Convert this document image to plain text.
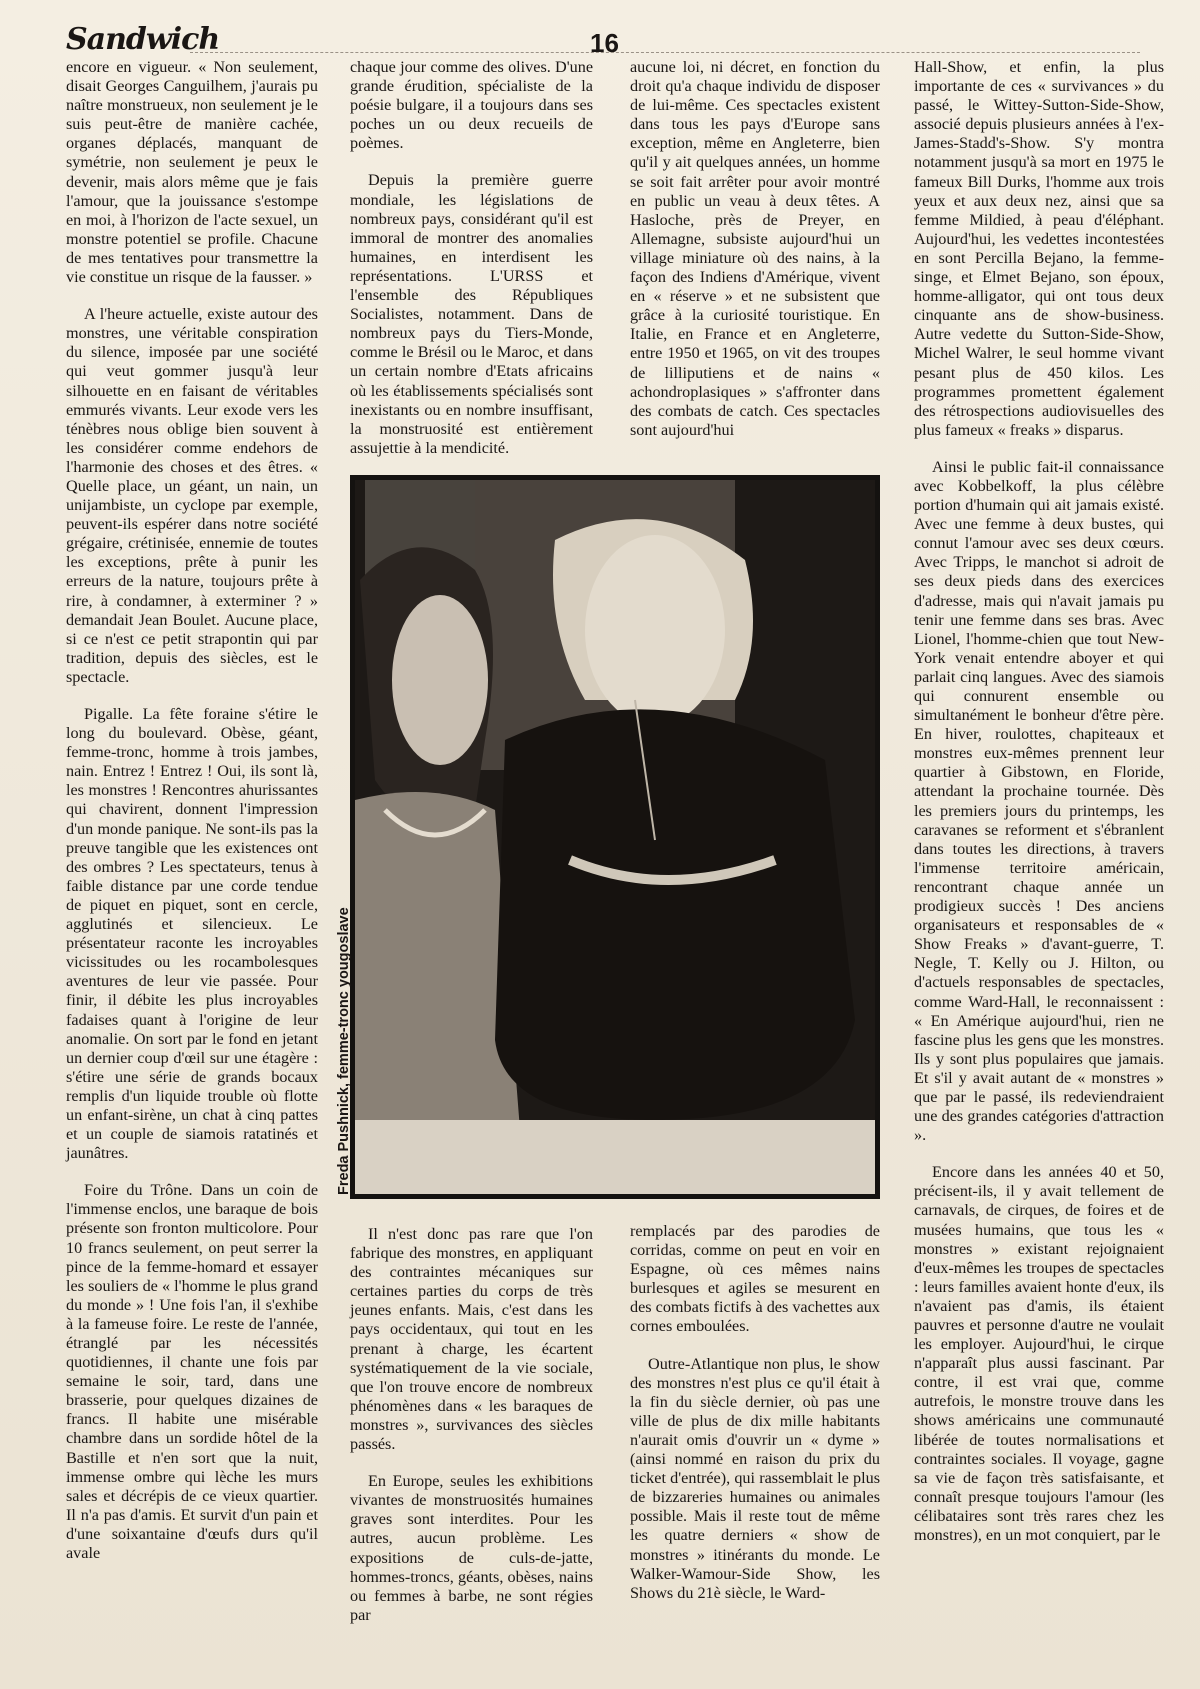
Sandwich	16

encore en vigueur. « Non seulement, disait Georges Canguilhem, j'aurais pu naître monstrueux, non seulement je le suis peut-être de manière cachée, organes déplacés, manquant de symétrie, non seulement je peux le devenir, mais alors même que je fais l'amour, que la jouissance s'estompe en moi, à l'horizon de l'acte sexuel, un monstre potentiel se profile. Chacune de mes tentatives pour transmettre la vie constitue un risque de la fausser. »

A l'heure actuelle, existe autour des monstres, une véritable conspiration du silence, imposée par une société qui veut gommer jusqu'à leur silhouette en en faisant de véritables emmurés vivants. Leur exode vers les ténèbres nous oblige bien souvent à les considérer comme endehors de l'harmonie des choses et des êtres. « Quelle place, un géant, un nain, un unijambiste, un cyclope par exemple, peuvent-ils espérer dans notre société grégaire, crétinisée, ennemie de toutes les exceptions, prête à punir les erreurs de la nature, toujours prête à rire, à condamner, à exterminer ? » demandait Jean Boulet. Aucune place, si ce n'est ce petit strapontin qui par tradition, depuis des siècles, est le spectacle.

Pigalle. La fête foraine s'étire le long du boulevard. Obèse, géant, femme-tronc, homme à trois jambes, nain. Entrez ! Entrez ! Oui, ils sont là, les monstres ! Rencontres ahurissantes qui chavirent, donnent l'impression d'un monde panique. Ne sont-ils pas la preuve tangible que les existences ont des ombres ? Les spectateurs, tenus à faible distance par une corde tendue de piquet en piquet, sont en cercle, agglutinés et silencieux. Le présentateur raconte les incroyables vicissitudes ou les rocambolesques aventures de leur vie passée. Pour finir, il débite les plus incroyables fadaises quant à l'origine de leur anomalie. On sort par le fond en jetant un dernier coup d'œil sur une étagère : s'étire une série de grands bocaux remplis d'un liquide trouble où flotte un enfant-sirène, un chat à cinq pattes et un couple de siamois ratatinés et jaunâtres.

Foire du Trône. Dans un coin de l'immense enclos, une baraque de bois présente son fronton multicolore. Pour 10 francs seulement, on peut serrer la pince de la femme-homard et essayer les souliers de « l'homme le plus grand du monde » ! Une fois l'an, il s'exhibe à la fameuse foire. Le reste de l'année, étranglé par les nécessités quotidiennes, il chante une fois par semaine le soir, tard, dans une brasserie, pour quelques dizaines de francs. Il habite une misérable chambre dans un sordide hôtel de la Bastille et n'en sort que la nuit, immense ombre qui lèche les murs sales et décrépis de ce vieux quartier. Il n'a pas d'amis. Et survit d'un pain et d'une soixantaine d'œufs durs qu'il avale

chaque jour comme des olives. D'une grande érudition, spécialiste de la poésie bulgare, il a toujours dans ses poches un ou deux recueils de poèmes.

Depuis la première guerre mondiale, les législations de nombreux pays, considérant qu'il est immoral de montrer des anomalies humaines, en interdisent les représentations. L'URSS et l'ensemble des Républiques Socialistes, notamment. Dans de nombreux pays du Tiers-Monde, comme le Brésil ou le Maroc, et dans un certain nombre d'Etats africains où les établissements spécialisés sont inexistants ou en nombre insuffisant, la monstruosité est entièrement assujettie à la mendicité.

aucune loi, ni décret, en fonction du droit qu'a chaque individu de disposer de lui-même. Ces spectacles existent dans tous les pays d'Europe sans exception, même en Angleterre, bien qu'il y ait quelques années, un homme se soit fait arrêter pour avoir montré en public un veau à deux têtes. A Hasloche, près de Preyer, en Allemagne, subsiste aujourd'hui un village miniature où des nains, à la façon des Indiens d'Amérique, vivent en « réserve » et ne subsistent que grâce à la curiosité touristique. En Italie, en France et en Angleterre, entre 1950 et 1965, on vit des troupes de lilliputiens et de nains « achondroplasiques » s'affronter dans des combats de catch. Ces spectacles sont aujourd'hui

Hall-Show, et enfin, la plus importante de ces « survivances » du passé, le Wittey-Sutton-Side-Show, associé depuis plusieurs années à l'ex-James-Stadd's-Show. S'y montra notamment jusqu'à sa mort en 1975 le fameux Bill Durks, l'homme aux trois yeux et aux deux nez, ainsi que sa femme Mildied, à peau d'éléphant. Aujourd'hui, les vedettes incontestées en sont Percilla Bejano, la femme-singe, et Elmet Bejano, son époux, homme-alligator, qui ont tous deux cinquante ans de show-business. Autre vedette du Sutton-Side-Show, Michel Walrer, le seul homme vivant pesant plus de 450 kilos. Les programmes promettent également des rétrospections audiovisuelles des plus fameux « freaks » disparus.

Ainsi le public fait-il connaissance avec Kobbelkoff, la plus célèbre portion d'humain qui ait jamais existé. Avec une femme à deux bustes, qui connut l'amour avec ses deux cœurs. Avec Tripps, le manchot si adroit de ses deux pieds dans des exercices d'adresse, mais qui n'avait jamais pu tenir une femme dans ses bras. Avec Lionel, l'homme-chien que tout New-York venait entendre aboyer et qui parlait cinq langues. Avec des siamois qui connurent ensemble ou simultanément le bonheur d'être père. En hiver, roulottes, chapiteaux et monstres eux-mêmes prennent leur quartier à Gibstown, en Floride, attendant la prochaine tournée. Dès les premiers jours du printemps, les caravanes se reforment et s'ébranlent dans toutes les directions, à travers l'immense territoire américain, rencontrant chaque année un prodigieux succès ! Des anciens organisateurs et responsables de « Show Freaks » d'avant-guerre, T. Negle, T. Kelly ou J. Hilton, ou d'actuels responsables de spectacles, comme Ward-Hall, le reconnaissent : « En Amérique aujourd'hui, rien ne fascine plus les gens que les monstres. Ils y sont plus populaires que jamais. Et s'il y avait autant de « monstres » que par le passé, ils redeviendraient une des grandes catégories d'attraction ».

Encore dans les années 40 et 50, précisent-ils, il y avait tellement de carnavals, de cirques, de foires et de musées humains, que tous les « monstres » existant rejoignaient d'eux-mêmes les troupes de spectacles : leurs familles avaient honte d'eux, ils n'avaient pas d'amis, ils étaient pauvres et personne d'autre ne voulait les employer. Aujourd'hui, le cirque n'apparaît plus aussi fascinant. Par contre, il est vrai que, comme autrefois, le monstre trouve dans les shows américains une communauté libérée de toutes normalisations et contraintes sociales. Il voyage, gagne sa vie de façon très satisfaisante, et connaît presque toujours l'amour (les célibataires sont très rares chez les monstres), en un mot conquiert, par le

Freda Pushnick, femme-tronc yougoslave

Il n'est donc pas rare que l'on fabrique des monstres, en appliquant des contraintes mécaniques sur certaines parties du corps de très jeunes enfants. Mais, c'est dans les pays occidentaux, qui tout en les prenant à charge, les écartent systématiquement de la vie sociale, que l'on trouve encore de nombreux phénomènes dans « les baraques de monstres », survivances des siècles passés.

En Europe, seules les exhibitions vivantes de monstruosités humaines graves sont interdites. Pour les autres, aucun problème. Les expositions de culs-de-jatte, hommes-troncs, géants, obèses, nains ou femmes à barbe, ne sont régies par

remplacés par des parodies de corridas, comme on peut en voir en Espagne, où ces mêmes nains burlesques et agiles se mesurent en des combats fictifs à des vachettes aux cornes emboulées.

Outre-Atlantique non plus, le show des monstres n'est plus ce qu'il était à la fin du siècle dernier, où pas une ville de plus de dix mille habitants n'aurait omis d'ouvrir un « dyme » (ainsi nommé en raison du prix du ticket d'entrée), qui rassemblait le plus de bizzareries humaines ou animales possible. Mais il reste tout de même les quatre derniers « show de monstres » itinérants du monde. Le Walker-Wamour-Side Show, les Shows du 21è siècle, le Ward-
